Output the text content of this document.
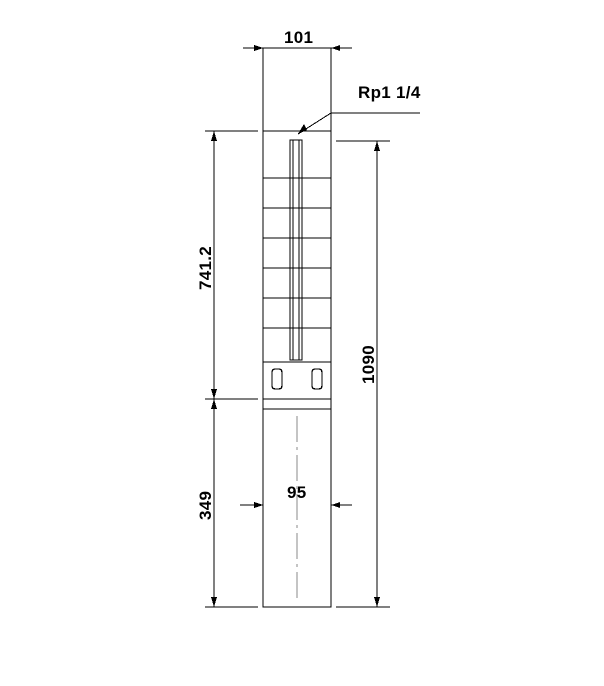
101
95
741.2
349
1090
Rp1 1/4
